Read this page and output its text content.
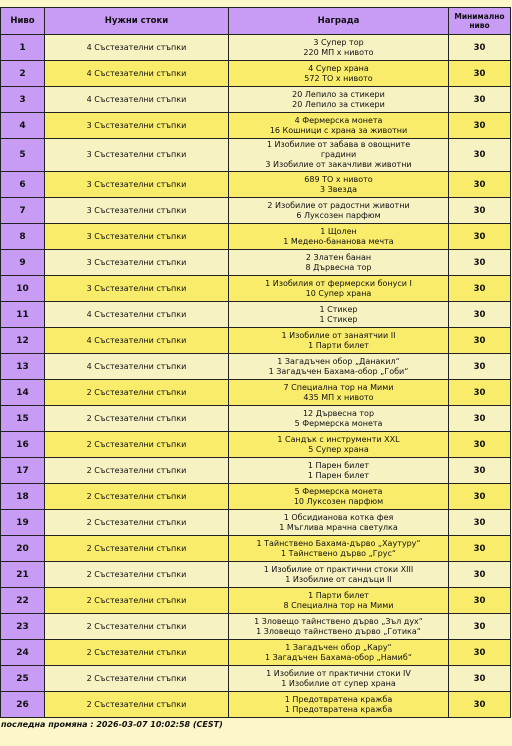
Ниво	Нужни стоки	Награда	Минимално
ниво

1	4 Състезателни стъпки	3 Супер тор
220 МП х нивото	30
2	4 Състезателни стъпки	4 Супер храна
572 ТО х нивото	30
3	4 Състезателни стъпки	20 Лепило за стикери
20 Лепило за стикери	30
4	3 Състезателни стъпки	4 Фермерска монета
16 Кошници с храна за животни	30
5	3 Състезателни стъпки	1 Изобилие от забава в овощните
градини
3 Изобилие от закачливи животни	30
6	3 Състезателни стъпки	689 ТО х нивото
3 Звезда	30
7	3 Състезателни стъпки	2 Изобилие от радостни животни
6 Луксозен парфюм	30
8	3 Състезателни стъпки	1 Щолен
1 Медено-бананова мечта	30
9	3 Състезателни стъпки	2 Златен банан
8 Дървесна тор	30
10	3 Състезателни стъпки	1 Изобилия от фермерски бонуси I
10 Супер храна	30
11	4 Състезателни стъпки	1 Стикер
1 Стикер	30
12	4 Състезателни стъпки	1 Изобилие от занаятчии II
1 Парти билет	30
13	4 Състезателни стъпки	1 Загадъчен обор „Данакил“
1 Загадъчен Бахама-обор „Гоби“	30
14	2 Състезателни стъпки	7 Специална тор на Мими
435 МП х нивото	30
15	2 Състезателни стъпки	12 Дървесна тор
5 Фермерска монета	30
16	2 Състезателни стъпки	1 Сандък с инструменти XXL
5 Супер храна	30
17	2 Състезателни стъпки	1 Парен билет
1 Парен билет	30
18	2 Състезателни стъпки	5 Фермерска монета
10 Луксозен парфюм	30
19	2 Състезателни стъпки	1 Обсидианова котка фея
1 Мъглива мрачна светулка	30
20	2 Състезателни стъпки	1 Тайнствено Бахама-дърво „Хаутуру“
1 Тайнствено дърво „Грус“	30
21	2 Състезателни стъпки	1 Изобилие от практични стоки XIII
1 Изобилие от сандъци II	30
22	2 Състезателни стъпки	1 Парти билет
8 Специална тор на Мими	30
23	2 Състезателни стъпки	1 Зловещо тайнствено дърво „Зъл дух“
1 Зловещо тайнствено дърво „Готика“	30
24	2 Състезателни стъпки	1 Загадъчен обор „Кару“
1 Загадъчен Бахама-обор „Намиб“	30
25	2 Състезателни стъпки	1 Изобилие от практични стоки IV
1 Изобилие от супер храна	30
26	2 Състезателни стъпки	1 Предотвратена кражба
1 Предотвратена кражба	30
последна промяна : 2026-03-07 10:02:58 (CEST)
